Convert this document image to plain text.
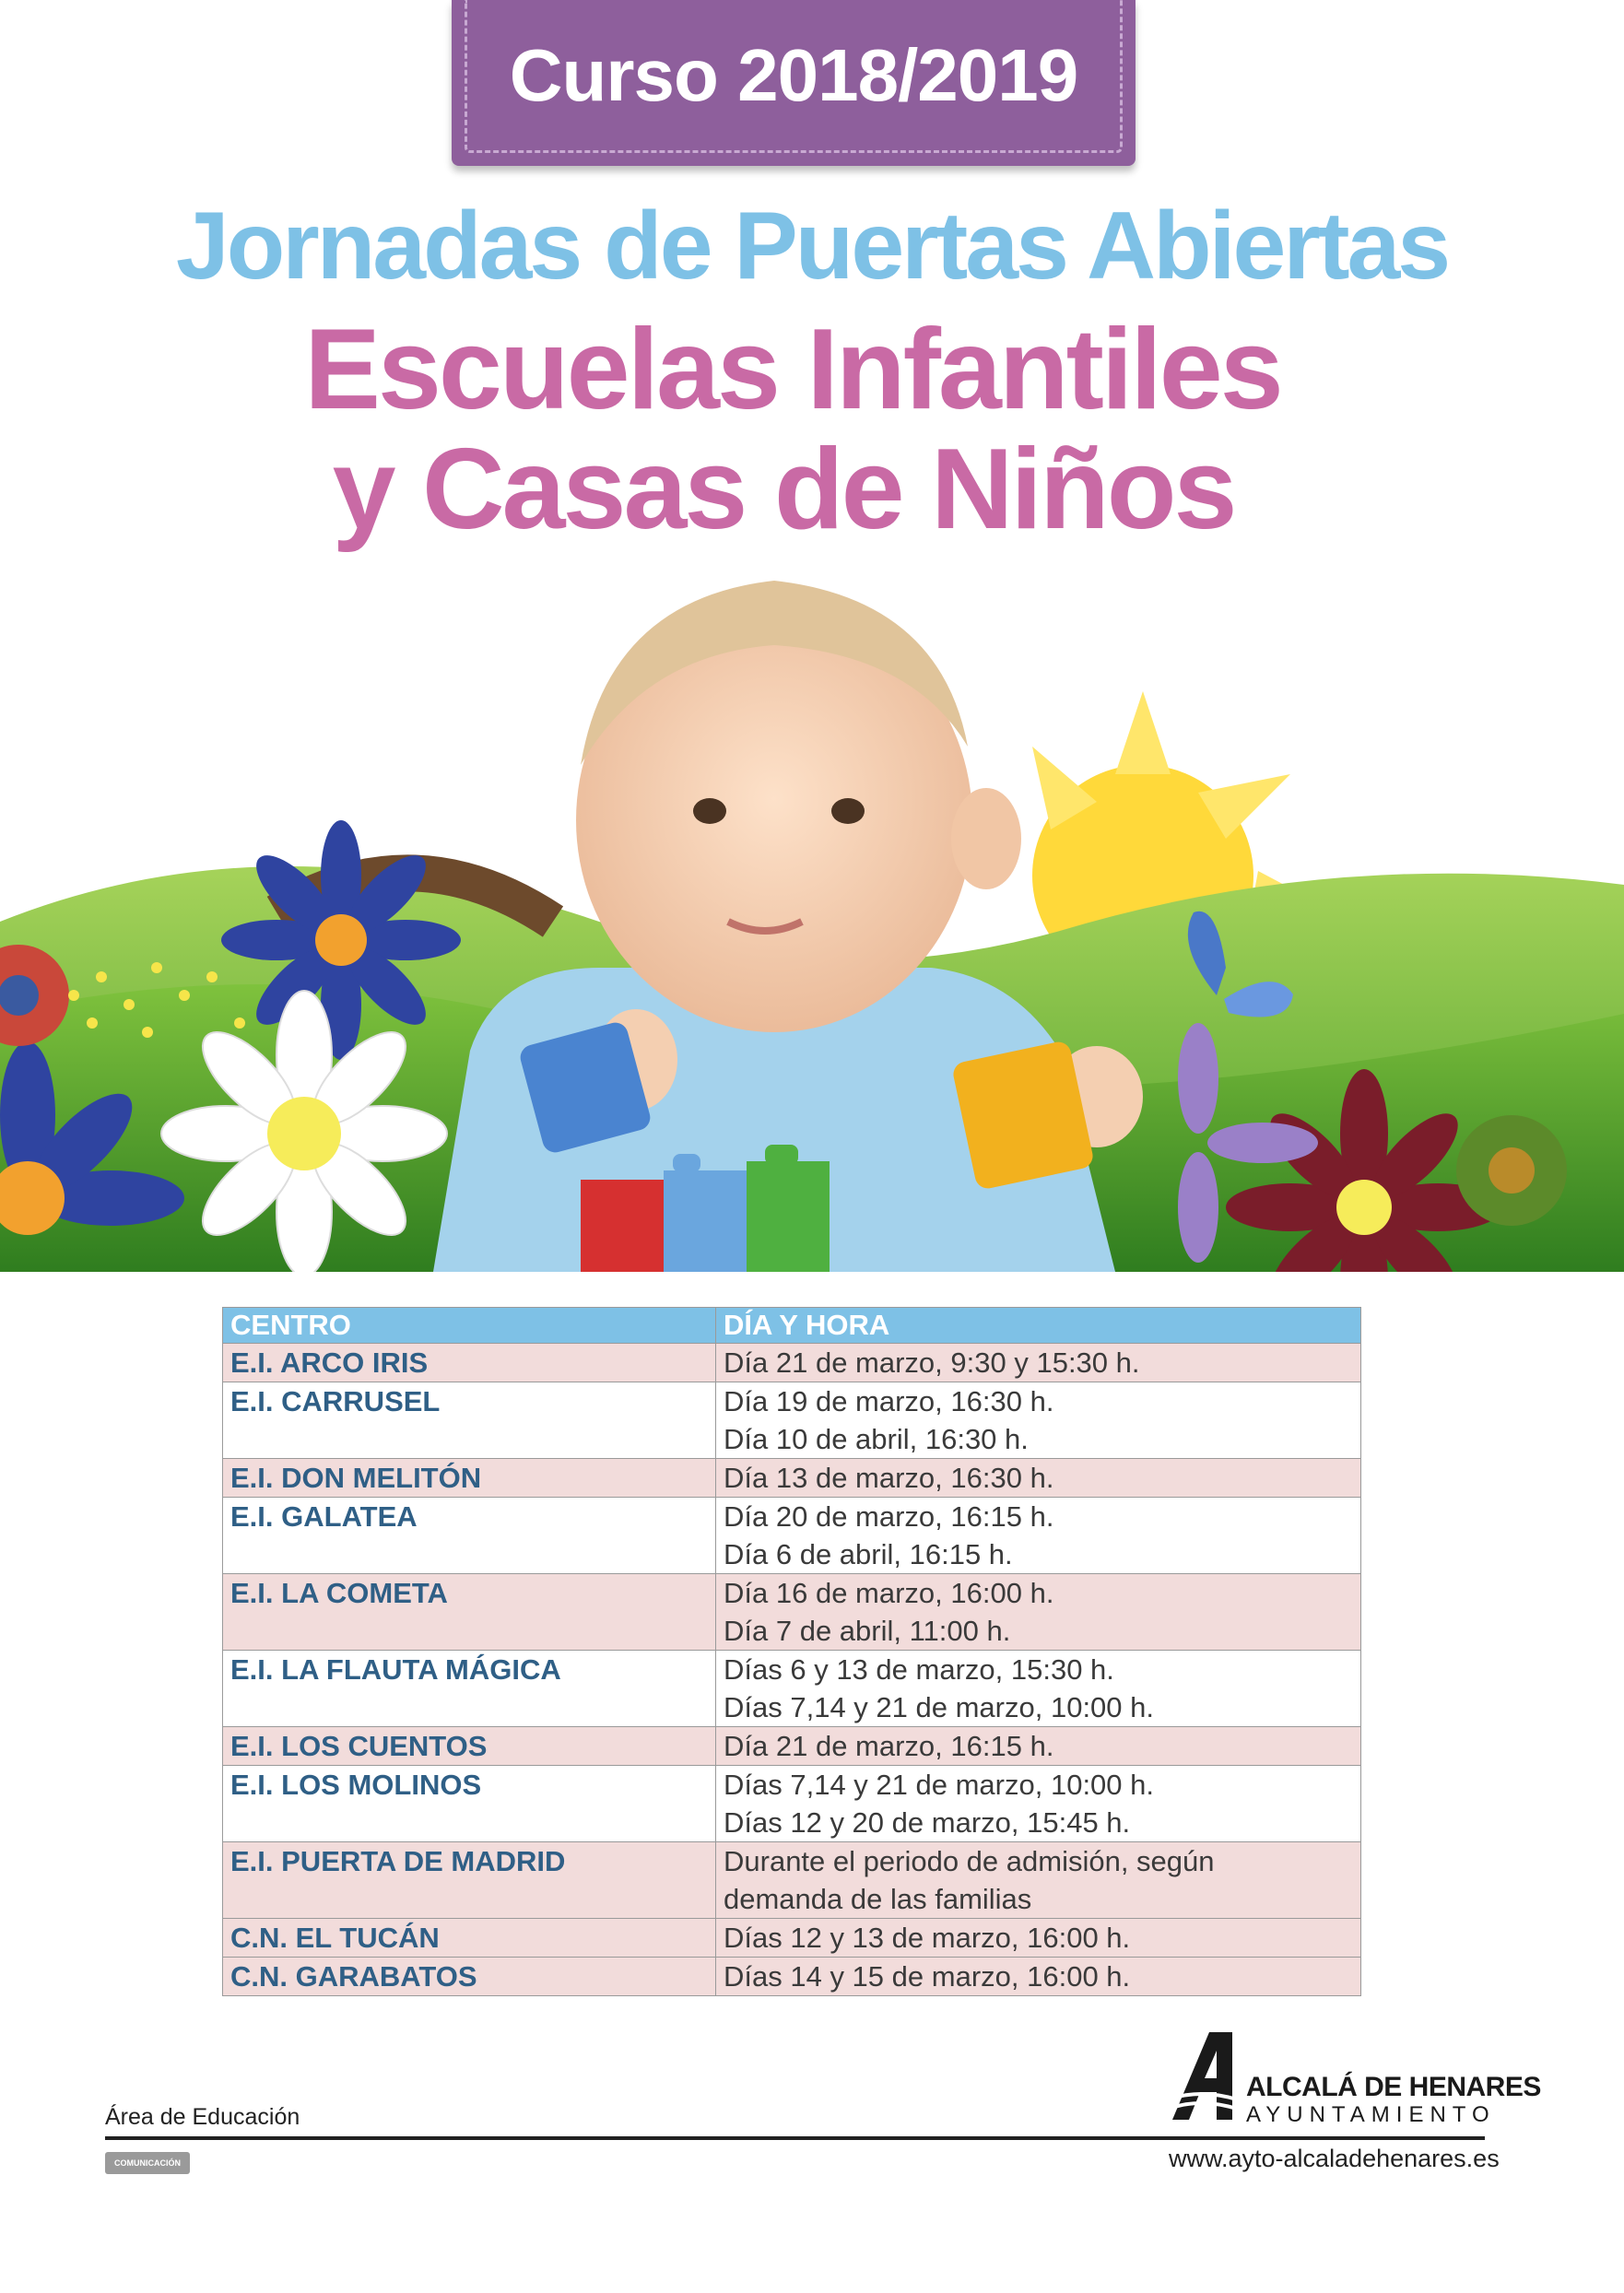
Curso 2018/2019
Jornadas de Puertas Abiertas
Escuelas Infantiles
y Casas de Niños
CENTRO	DÍA Y HORA
E.I. ARCO IRIS	Día 21 de marzo, 9:30 y 15:30 h.

E.I. CARRUSEL	Día 19 de marzo, 16:30 h.
Día 10 de abril, 16:30 h.

E.I. DON MELITÓN	Día 13 de marzo, 16:30 h.

E.I. GALATEA	Día 20 de marzo, 16:15 h.
Día 6 de abril, 16:15 h.

E.I. LA COMETA	Día 16 de marzo, 16:00 h.
Día 7 de abril, 11:00 h.

E.I. LA FLAUTA MÁGICA	Días 6 y 13 de marzo, 15:30 h.
Días 7,14 y 21 de marzo, 10:00 h.

E.I. LOS CUENTOS	Día 21 de marzo, 16:15 h.

E.I. LOS MOLINOS	Días 7,14 y 21 de marzo, 10:00 h.
Días 12 y 20 de marzo, 15:45 h.

E.I. PUERTA DE MADRID	Durante el periodo de admisión, según
demanda de las familias

C.N. EL TUCÁN	Días 12 y 13 de marzo, 16:00 h.

C.N. GARABATOS	Días 14 y 15 de marzo, 16:00 h.
Área de Educación
COMUNICACIÓN
ALCALÁ DE HENARES
AYUNTAMIENTO
www.ayto-alcaladehenares.es
